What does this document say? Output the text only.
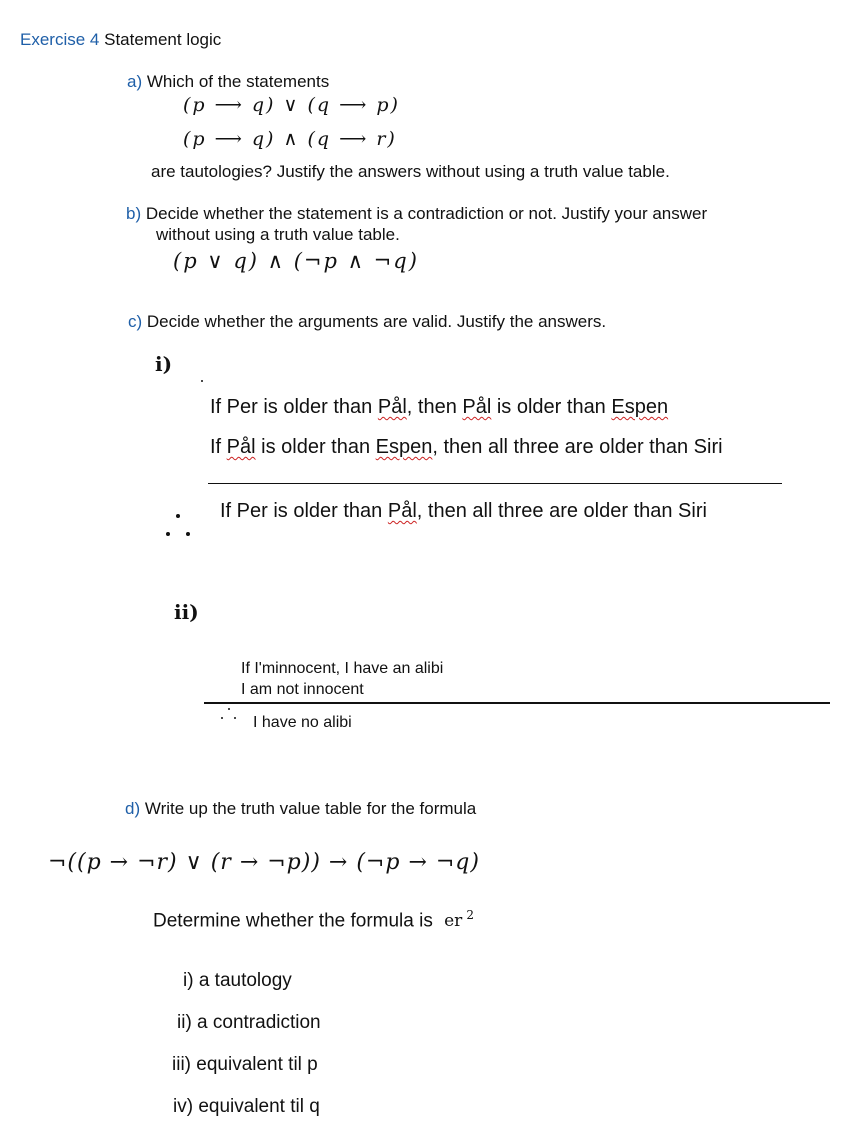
Exercise 4 Statement logic
a) Which of the statements
(p ⟶ q) ∨ (q ⟶ p)
(p ⟶ q) ∧ (q ⟶ r)
are tautologies? Justify the answers without using a truth value table.
b) Decide whether the statement is a contradiction or not. Justify your answer
without using a truth value table.
(p ∨ q) ∧ (¬p ∧ ¬q)
c) Decide whether the arguments are valid. Justify the answers.
i)
If Per is older than Pål, then Pål is older than Espen
If Pål is older than Espen, then all three are older than Siri
If Per is older than Pål, then all three are older than Siri
ii)
If I'minnocent, I have an alibi
I am not innocent
I have no alibi
d) Write up the truth value table for the formula
¬((p → ¬r) ∨ (r → ¬p)) → (¬p → ¬q)
Determine whether the formula is er $^2$
i) a tautology
ii) a contradiction
iii) equivalent til p
iv) equivalent til q
